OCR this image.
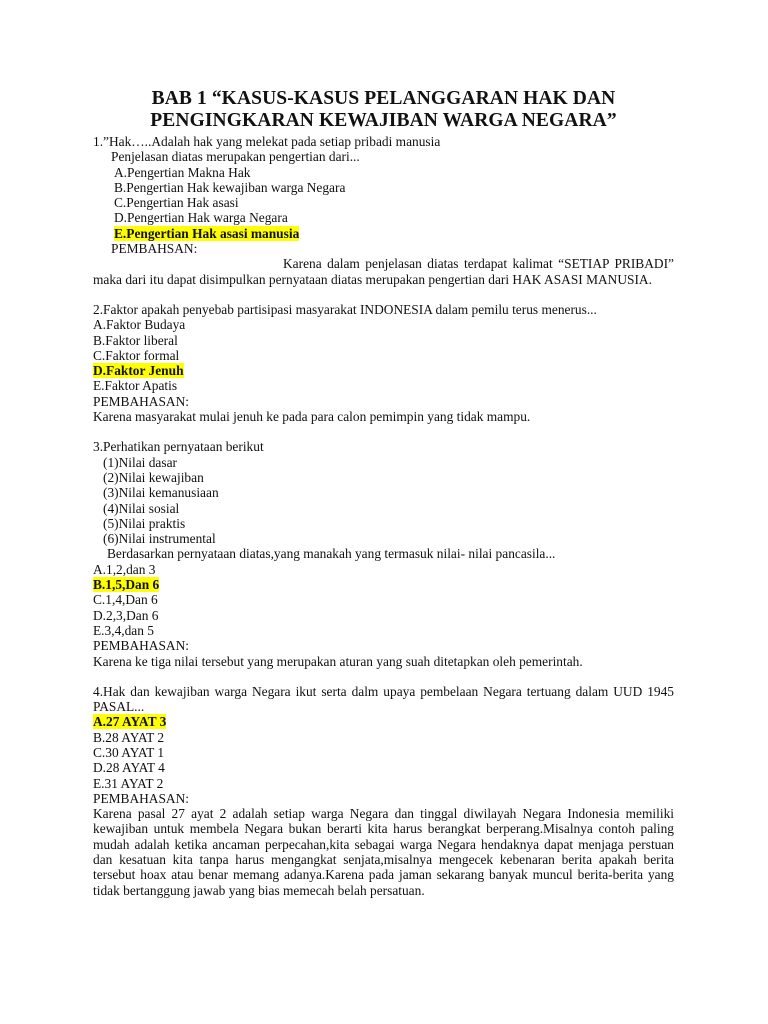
BAB 1 “KASUS-KASUS PELANGGARAN HAK DAN
PENGINGKARAN KEWAJIBAN WARGA NEGARA”
1.”Hak…..Adalah hak yang melekat pada setiap pribadi manusia
Penjelasan diatas merupakan pengertian dari...
A.Pengertian Makna Hak
B.Pengertian Hak kewajiban warga Negara
C.Pengertian Hak asasi
D.Pengertian Hak warga Negara
E.Pengertian Hak asasi manusia
PEMBAHSAN:
Karena dalam penjelasan diatas terdapat kalimat “SETIAP PRIBADI” maka dari itu dapat disimpulkan pernyataan diatas merupakan pengertian dari HAK ASASI MANUSIA.
2.Faktor apakah penyebab partisipasi masyarakat INDONESIA dalam pemilu terus menerus...
A.Faktor Budaya
B.Faktor liberal
C.Faktor formal
D.Faktor Jenuh
E.Faktor Apatis
PEMBAHASAN:
Karena masyarakat mulai jenuh ke pada para calon pemimpin yang tidak mampu.
3.Perhatikan pernyataan berikut
(1)Nilai dasar
(2)Nilai kewajiban
(3)Nilai kemanusiaan
(4)Nilai sosial
(5)Nilai praktis
(6)Nilai instrumental
Berdasarkan pernyataan diatas,yang manakah yang termasuk nilai- nilai pancasila...
A.1,2,dan 3
B.1,5,Dan 6
C.1,4,Dan 6
D.2,3,Dan 6
E.3,4,dan 5
PEMBAHASAN:
Karena ke tiga nilai tersebut yang merupakan aturan yang suah ditetapkan oleh pemerintah.
4.Hak dan kewajiban warga Negara ikut serta dalm upaya pembelaan Negara tertuang dalam UUD 1945 PASAL...
A.27 AYAT 3
B.28 AYAT 2
C.30 AYAT 1
D.28 AYAT 4
E.31 AYAT 2
PEMBAHASAN:
Karena pasal 27 ayat 2 adalah setiap warga Negara dan tinggal diwilayah Negara Indonesia memiliki kewajiban untuk membela Negara bukan berarti kita harus berangkat berperang.Misalnya contoh paling mudah adalah ketika ancaman perpecahan,kita sebagai warga Negara hendaknya dapat menjaga perstuan dan kesatuan kita tanpa harus mengangkat senjata,misalnya mengecek kebenaran berita apakah berita tersebut hoax atau benar memang adanya.Karena pada jaman sekarang banyak muncul berita-berita yang tidak bertanggung jawab yang bias memecah belah persatuan.
